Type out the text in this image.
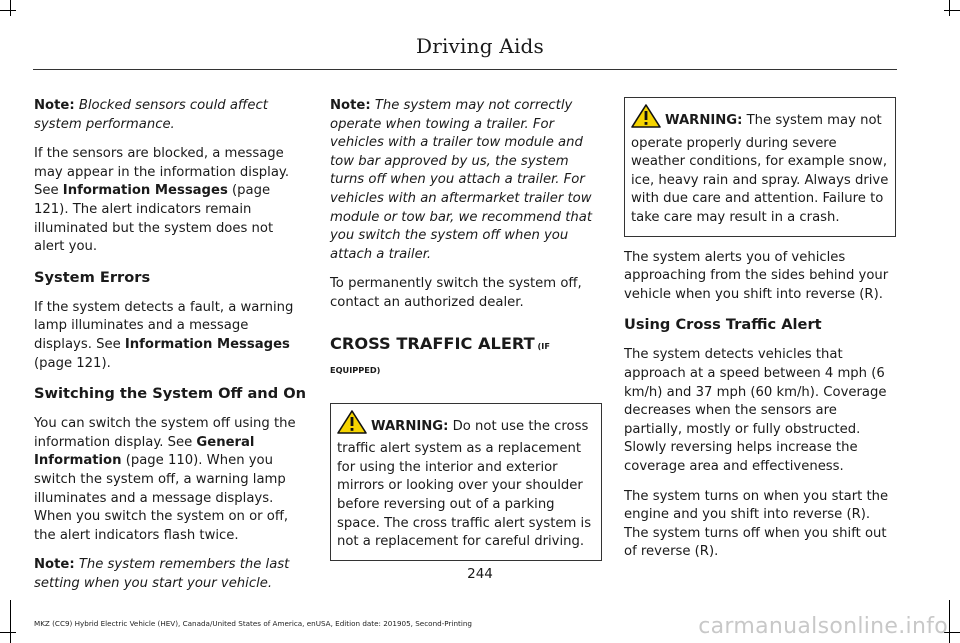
Driving Aids

Note: Blocked sensors could affect system performance.

If the sensors are blocked, a message may appear in the information display. See Information Messages (page 121). The alert indicators remain illuminated but the system does not alert you.

System Errors

If the system detects a fault, a warning lamp illuminates and a message displays. See Information Messages (page 121).

Switching the System Off and On

You can switch the system off using the information display. See General Information (page 110). When you switch the system off, a warning lamp illuminates and a message displays. When you switch the system on or off, the alert indicators flash twice.

Note: The system remembers the last setting when you start your vehicle.

Note: The system may not correctly operate when towing a trailer. For vehicles with a trailer tow module and tow bar approved by us, the system turns off when you attach a trailer. For vehicles with an aftermarket trailer tow module or tow bar, we recommend that you switch the system off when you attach a trailer.

To permanently switch the system off, contact an authorized dealer.

CROSS TRAFFIC ALERT (IF EQUIPPED)
WARNING: Do not use the cross traffic alert system as a replacement for using the interior and exterior mirrors or looking over your shoulder before reversing out of a parking space. The cross traffic alert system is not a replacement for careful driving.
WARNING: The system may not operate properly during severe weather conditions, for example snow, ice, heavy rain and spray. Always drive with due care and attention. Failure to take care may result in a crash.

The system alerts you of vehicles approaching from the sides behind your vehicle when you shift into reverse (R).

Using Cross Traffic Alert

The system detects vehicles that approach at a speed between 4 mph (6 km/h) and 37 mph (60 km/h). Coverage decreases when the sensors are partially, mostly or fully obstructed. Slowly reversing helps increase the coverage area and effectiveness.

The system turns on when you start the engine and you shift into reverse (R). The system turns off when you shift out of reverse (R).

244
MKZ (CC9) Hybrid Electric Vehicle (HEV), Canada/United States of America, enUSA, Edition date: 201905, Second-Printing	carmanualsonline.info
